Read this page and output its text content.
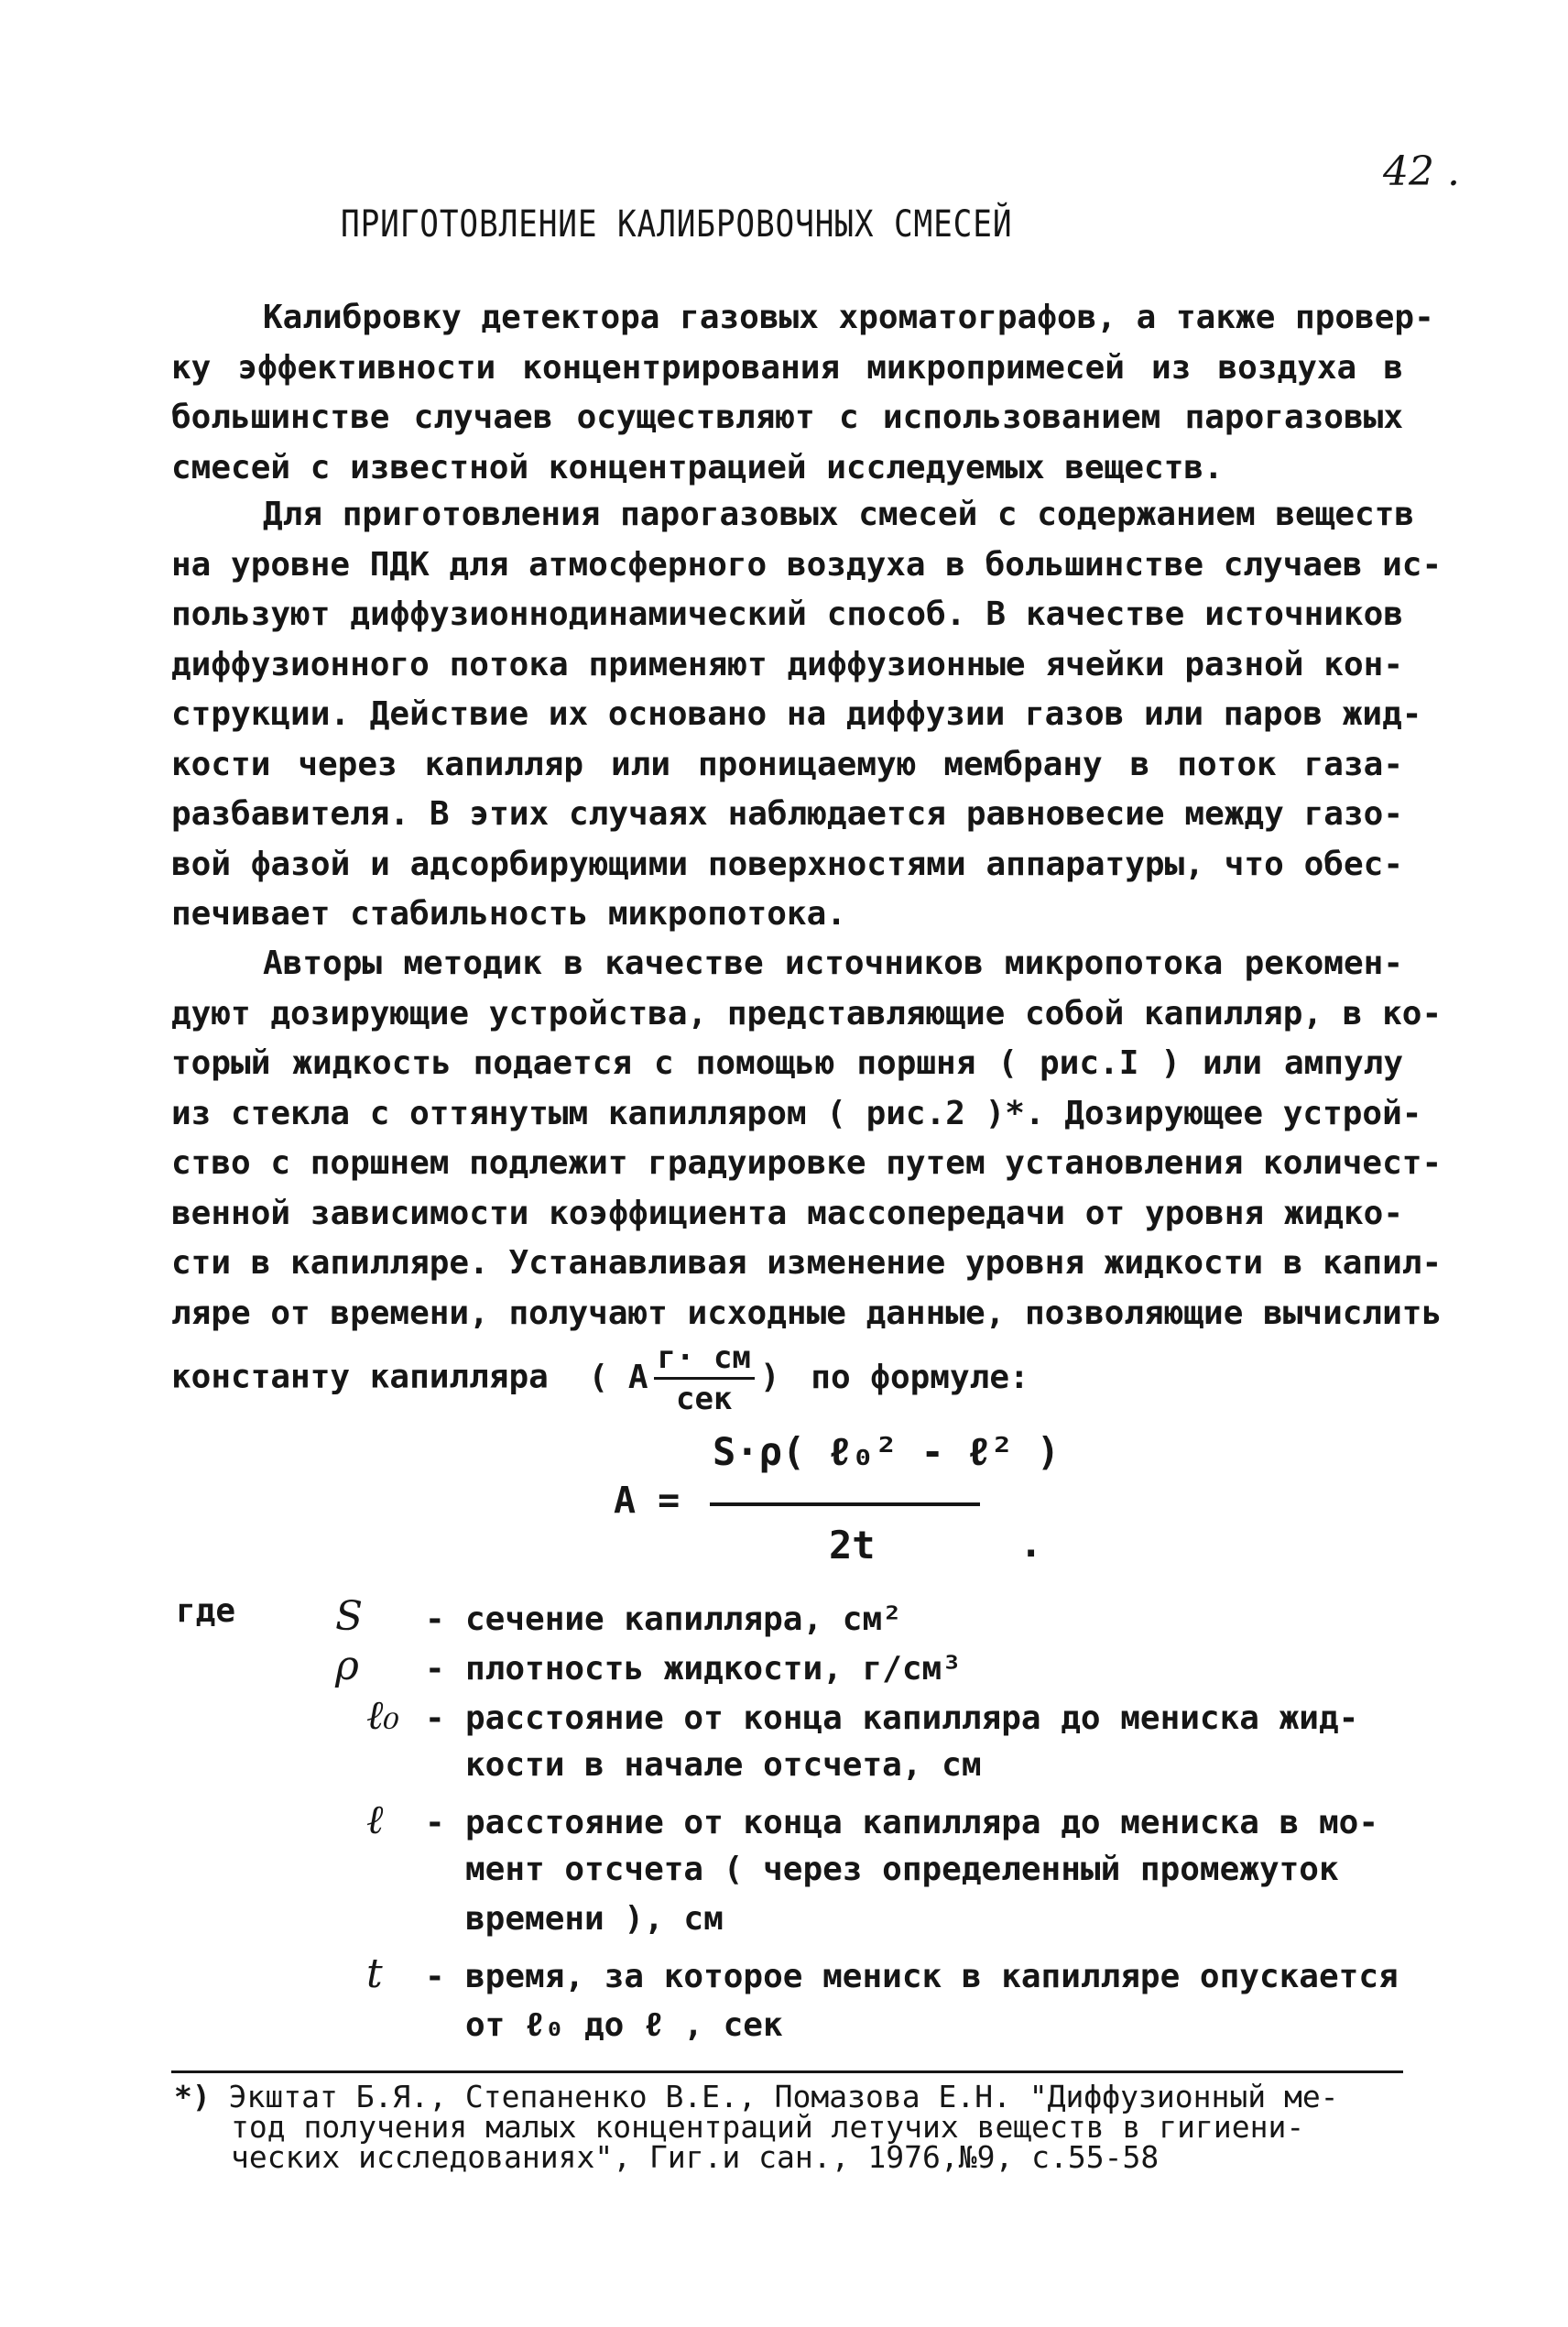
42 .
ПРИГОТОВЛЕНИЕ КАЛИБРОВОЧНЫХ СМЕСЕЙ
Калибровку детектора газовых хроматографов, а также провер-
ку эффективности концентрирования микропримесей из воздуха в
большинстве случаев осуществляют с использованием парогазовых
смесей с известной концентрацией исследуемых веществ.
Для приготовления парогазовых смесей с содержанием веществ
на уровне ПДК для атмосферного воздуха в большинстве случаев ис-
пользуют диффузионнодинамический способ. В качестве источников
диффузионного потока применяют диффузионные ячейки разной кон-
струкции. Действие их основано на диффузии газов или паров жид-
кости через капилляр или проницаемую мембрану в поток газа-
разбавителя. В этих случаях наблюдается равновесие между газо-
вой фазой и адсорбирующими поверхностями аппаратуры, что обес-
печивает стабильность микропотока.
Авторы методик в качестве источников микропотока рекомен-
дуют дозирующие устройства, представляющие собой капилляр, в ко-
торый жидкость подается с помощью поршня ( рис.I ) или ампулу
из стекла с оттянутым капилляром ( рис.2 )*. Дозирующее устрой-
ство с поршнем подлежит градуировке путем установления количест-
венной зависимости коэффициента массопередачи от уровня жидко-
сти в капилляре. Устанавливая изменение уровня жидкости в капил-
ляре от времени, получают исходные данные, позволяющие вычислить
константу капилляра ( A $\frac{г\cdot см}{\text{сек}}$ ) по формуле:
A =
S·ρ( ℓ₀² - ℓ² )
2t	.
где S - сечение капилляра, см²
ρ - плотность жидкости, г/см³
ℓ₀ - расстояние от конца капилляра до мениска жид-
кости в начале отсчета, см
ℓ - расстояние от конца капилляра до мениска в мо-
мент отсчета ( через определенный промежуток
времени ), см
t - время, за которое мениск в капилляре опускается
от ℓ₀ до ℓ , сек
*) Экштат Б.Я., Степаненко В.Е., Помазова Е.Н. "Диффузионный ме-
тод получения малых концентраций летучих веществ в гигиени-
ческих исследованиях", Гиг.и сан., 1976,№9, с.55-58
